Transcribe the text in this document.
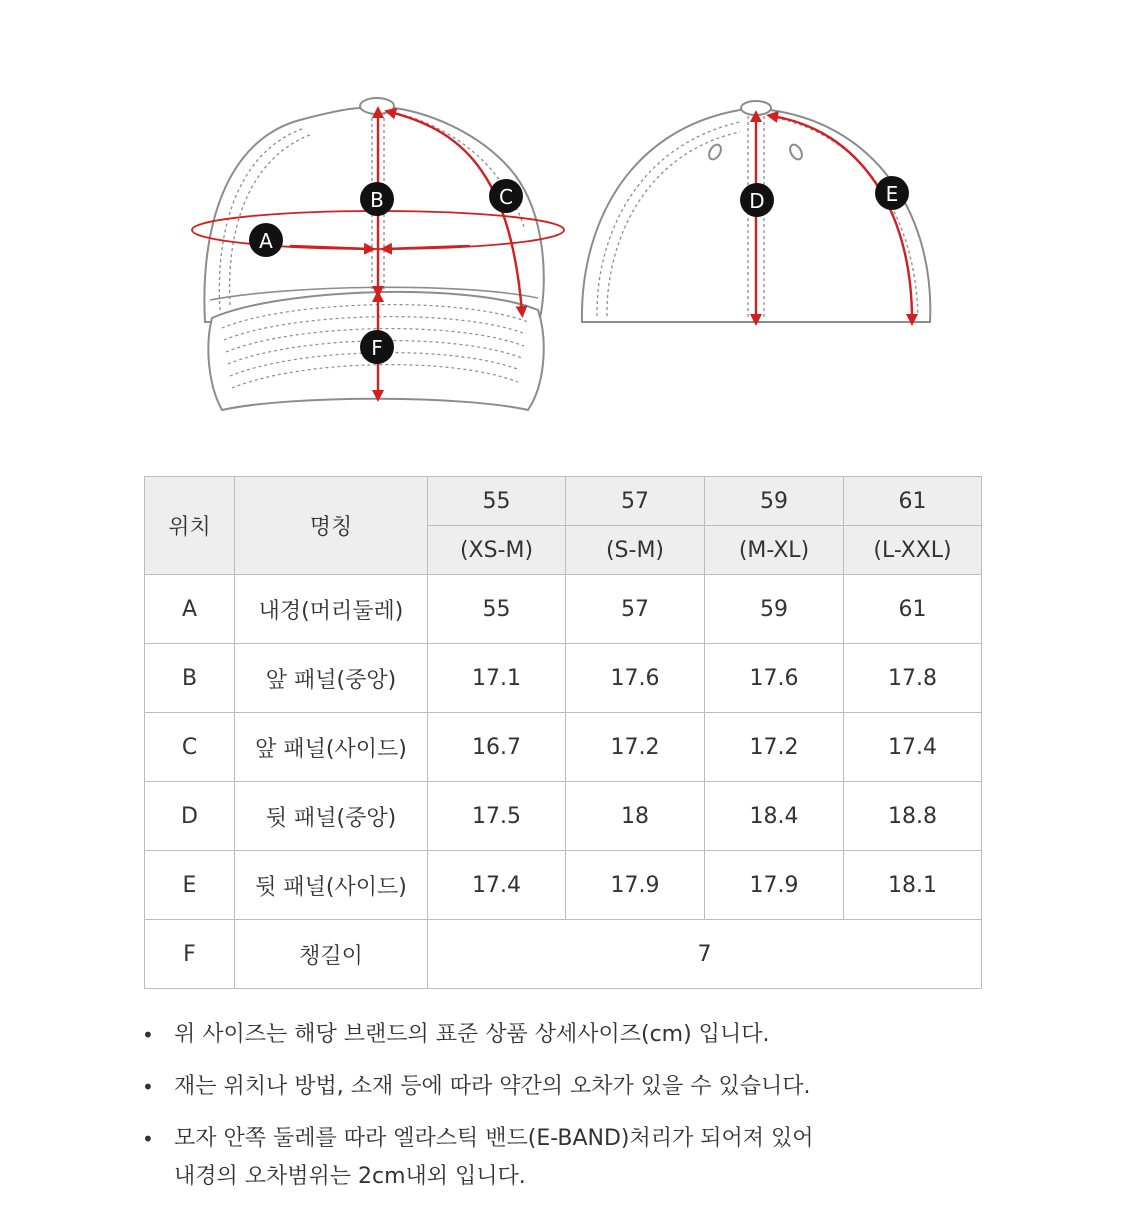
A
B	C
F
D	E
위치	명칭	55	57	59	61
		(XS-M)	(S-M)	(M-XL)	(L-XXL)
A	내경(머리둘레)	55	57	59	61
B	앞 패널(중앙)	17.1	17.6	17.6	17.8
C	앞 패널(사이드)	16.7	17.2	17.2	17.4
D	뒷 패널(중앙)	17.5	18	18.4	18.8
E	뒷 패널(사이드)	17.4	17.9	17.9	18.1
F	챙길이	7			
• 위 사이즈는 해당 브랜드의 표준 상품 상세사이즈(cm) 입니다.
• 재는 위치나 방법, 소재 등에 따라 약간의 오차가 있을 수 있습니다.
• 모자 안쪽 둘레를 따라 엘라스틱 밴드(E-BAND)처리가 되어져 있어
내경의 오차범위는 2cm내외 입니다.
